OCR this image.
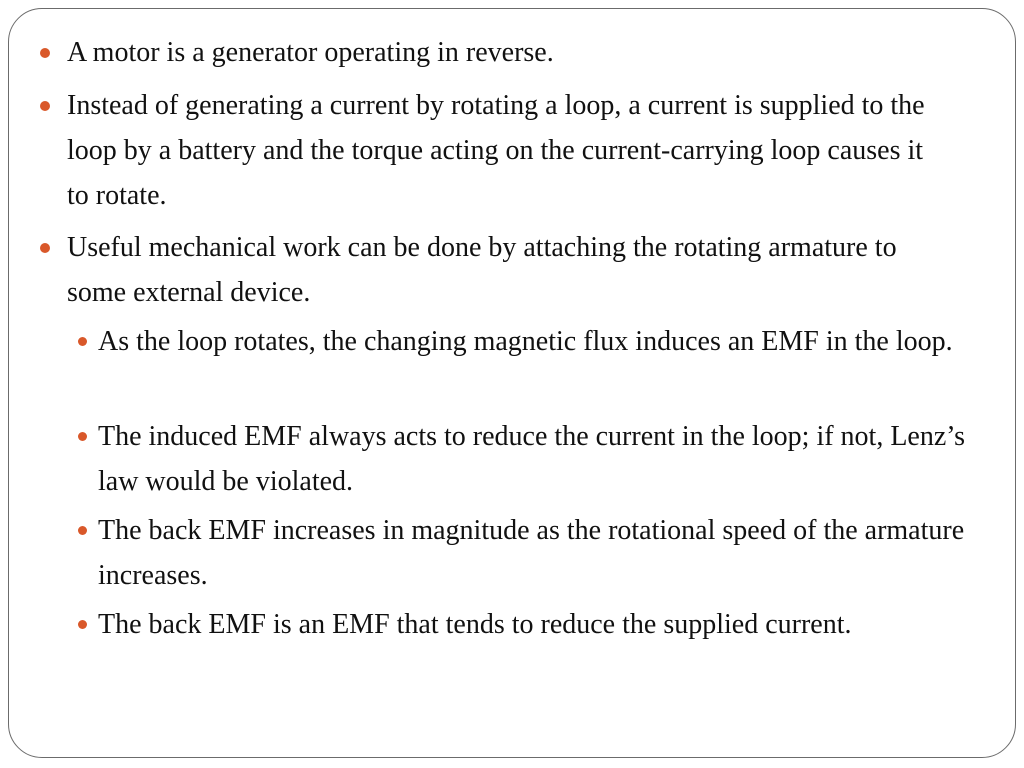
A motor is a generator operating in reverse.
Instead of generating a current by rotating a loop, a current is supplied to the loop by a battery and the torque acting on the current-carrying loop causes it to rotate.
Useful mechanical work can be done by attaching the rotating armature to some external device.
As the loop rotates, the changing magnetic flux induces an EMF in the loop.
The induced EMF always acts to reduce the current in the loop; if not, Lenz’s law would be violated.
The back EMF increases in magnitude as the rotational speed of the armature increases.
The back EMF is an EMF that tends to reduce the supplied current.
